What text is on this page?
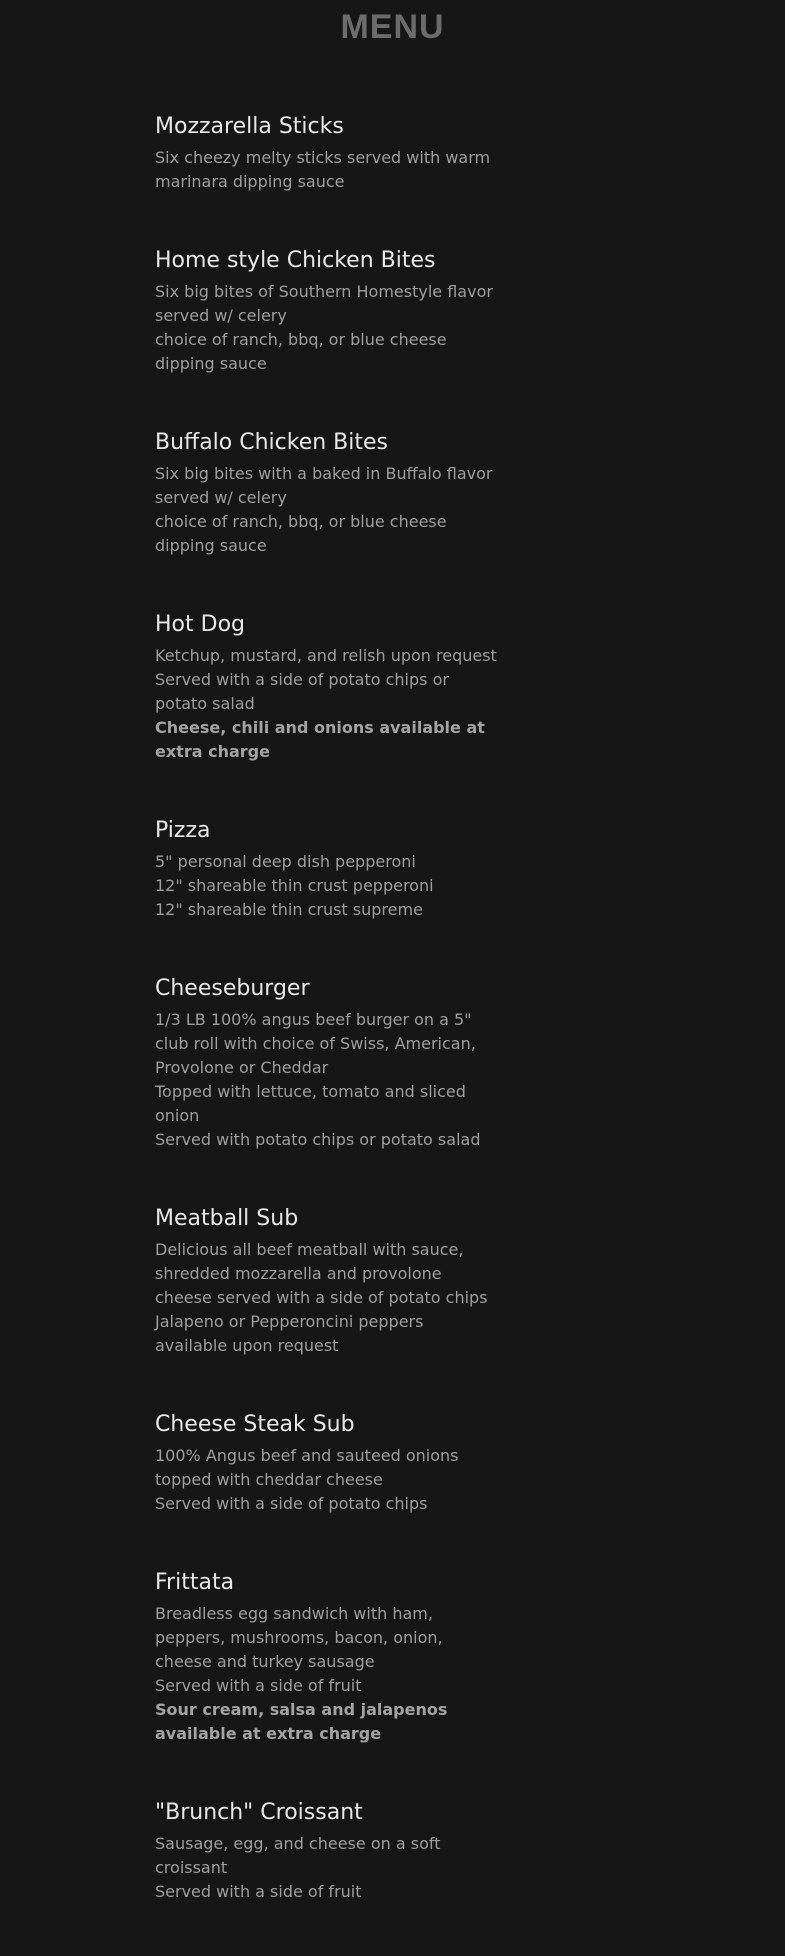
MENU
Mozzarella Sticks
Six cheezy melty sticks served with warm marinara dipping sauce
Home style Chicken Bites
Six big bites of Southern Homestyle flavor served w/ celery
choice of ranch, bbq, or blue cheese dipping sauce
Buffalo Chicken Bites
Six big bites with a baked in Buffalo flavor served w/ celery
choice of ranch, bbq, or blue cheese dipping sauce
Hot Dog
Ketchup, mustard, and relish upon request
Served with a side of potato chips or potato salad
Cheese, chili and onions available at extra charge
Pizza
5" personal deep dish pepperoni
12" shareable thin crust pepperoni
12" shareable thin crust supreme
Cheeseburger
1/3 LB 100% angus beef burger on a 5" club roll with choice of Swiss, American, Provolone or Cheddar
Topped with lettuce, tomato and sliced onion
Served with potato chips or potato salad
Meatball Sub
Delicious all beef meatball with sauce, shredded mozzarella and provolone cheese served with a side of potato chips
Jalapeno or Pepperoncini peppers available upon request
Cheese Steak Sub
100% Angus beef and sauteed onions topped with cheddar cheese
Served with a side of potato chips
Frittata
Breadless egg sandwich with ham, peppers, mushrooms, bacon, onion, cheese and turkey sausage
Served with a side of fruit
Sour cream, salsa and jalapenos available at extra charge
"Brunch" Croissant
Sausage, egg, and cheese on a soft croissant
Served with a side of fruit
